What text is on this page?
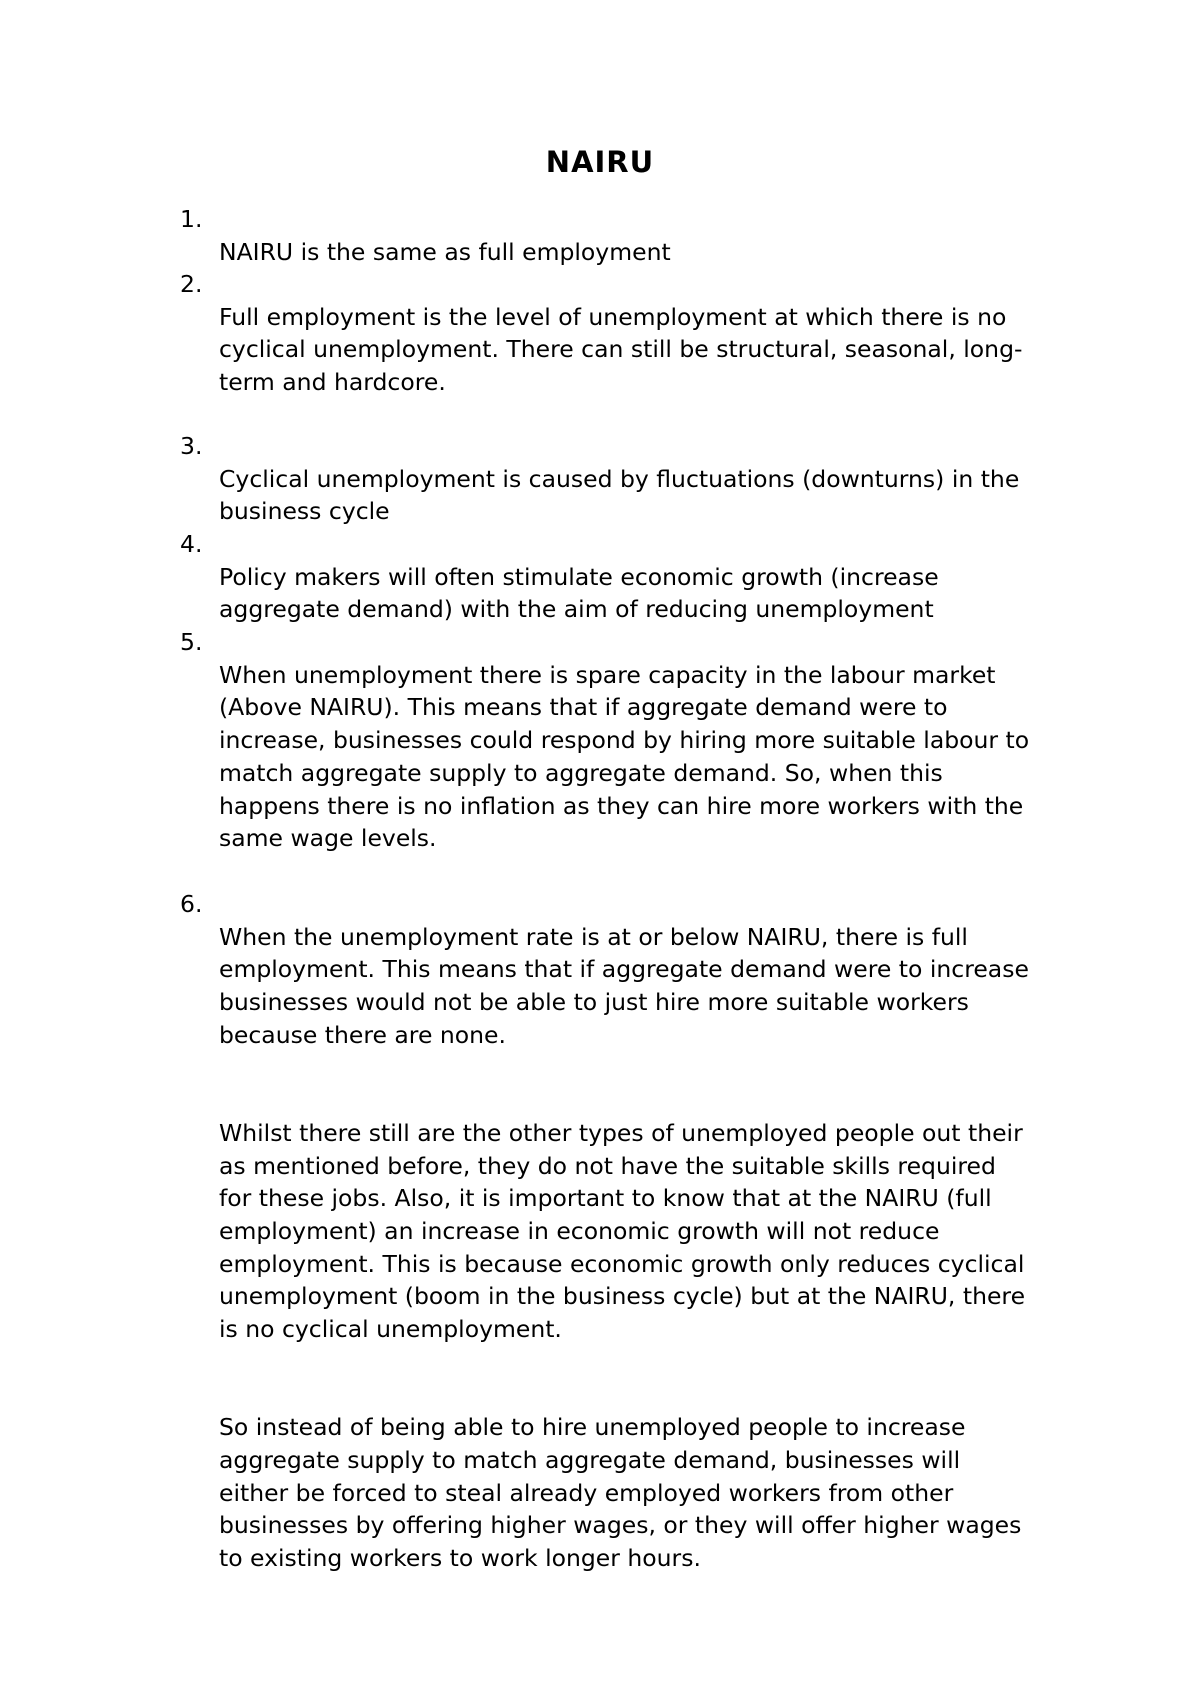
NAIRU
1.

NAIRU is the same as full employment

2.

Full employment is the level of unemployment at which there is no
cyclical unemployment. There can still be structural, seasonal, long-
term and hardcore.

3.

Cyclical unemployment is caused by fluctuations (downturns) in the
business cycle

4.

Policy makers will often stimulate economic growth (increase
aggregate demand) with the aim of reducing unemployment

5.

When unemployment there is spare capacity in the labour market
(Above NAIRU). This means that if aggregate demand were to
increase, businesses could respond by hiring more suitable labour to
match aggregate supply to aggregate demand. So, when this
happens there is no inflation as they can hire more workers with the
same wage levels.

6.

When the unemployment rate is at or below NAIRU, there is full
employment. This means that if aggregate demand were to increase
businesses would not be able to just hire more suitable workers
because there are none.

Whilst there still are the other types of unemployed people out their
as mentioned before, they do not have the suitable skills required
for these jobs. Also, it is important to know that at the NAIRU (full
employment) an increase in economic growth will not reduce
employment. This is because economic growth only reduces cyclical
unemployment (boom in the business cycle) but at the NAIRU, there
is no cyclical unemployment.

So instead of being able to hire unemployed people to increase
aggregate supply to match aggregate demand, businesses will
either be forced to steal already employed workers from other
businesses by offering higher wages, or they will offer higher wages
to existing workers to work longer hours.
